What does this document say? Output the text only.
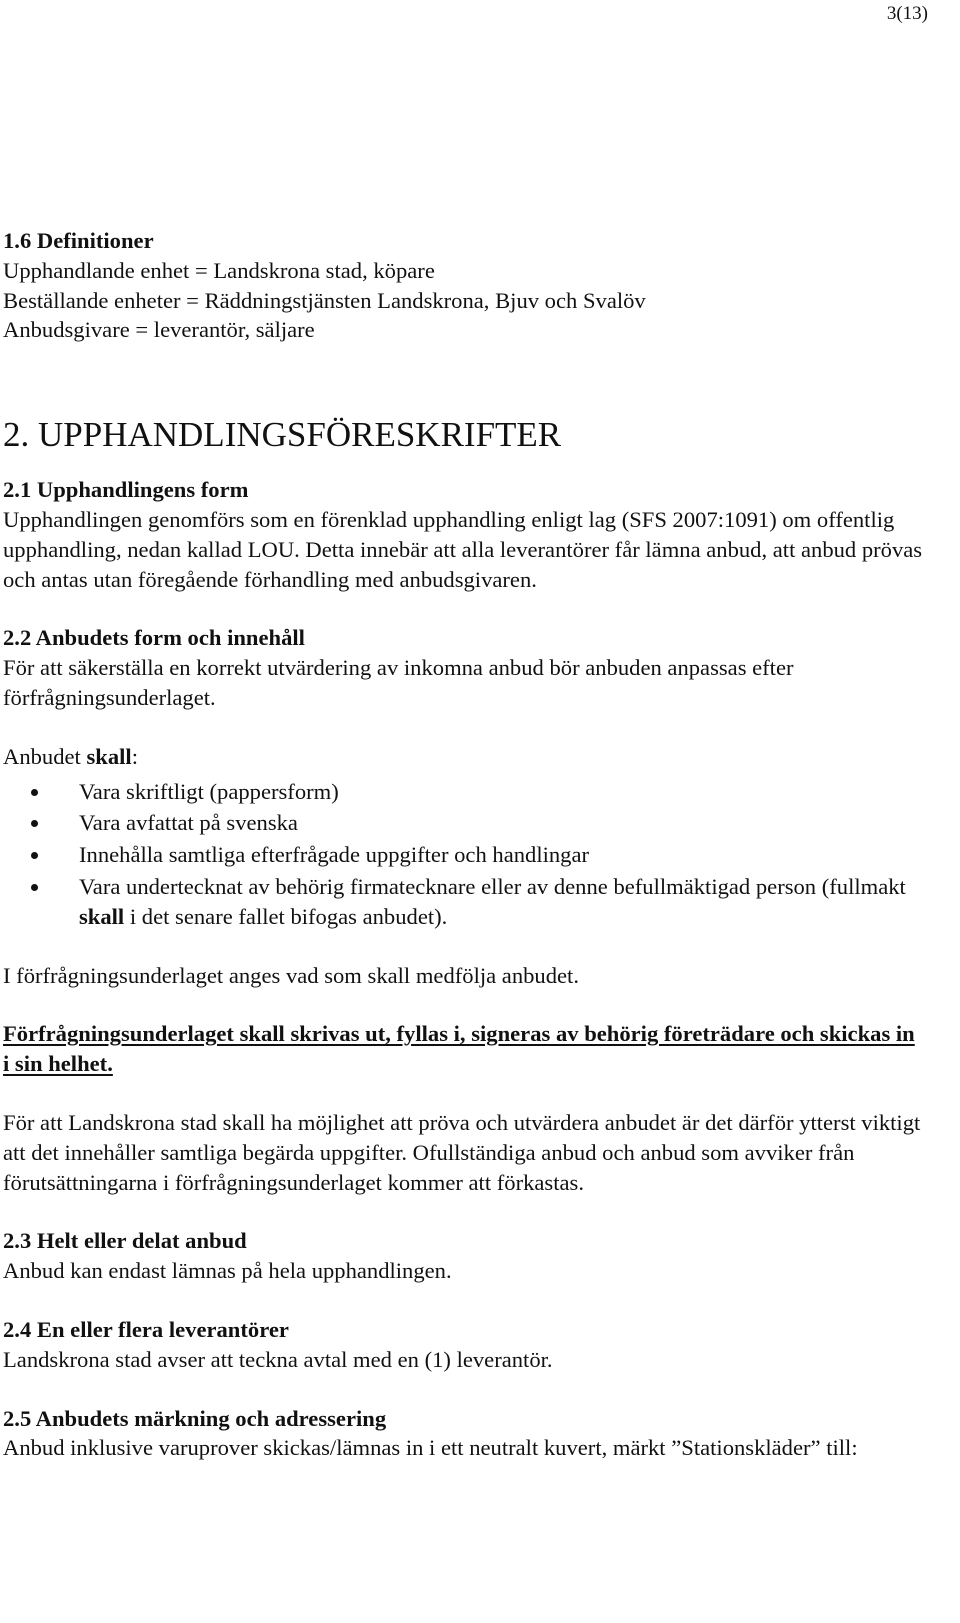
3(13)

1.6 Definitioner

Upphandlande enhet = Landskrona stad, köpare

Beställande enheter = Räddningstjänsten Landskrona, Bjuv och Svalöv

Anbudsgivare = leverantör, säljare

2. UPPHANDLINGSFÖRESKRIFTER

2.1 Upphandlingens form

Upphandlingen genomförs som en förenklad upphandling enligt lag (SFS 2007:1091) om offentlig upphandling, nedan kallad LOU. Detta innebär att alla leverantörer får lämna anbud, att anbud prövas och antas utan föregående förhandling med anbudsgivaren.

2.2 Anbudets form och innehåll

För att säkerställa en korrekt utvärdering av inkomna anbud bör anbuden anpassas efter förfrågningsunderlaget.

Anbudet skall:

Vara skriftligt (pappersform)
Vara avfattat på svenska
Innehålla samtliga efterfrågade uppgifter och handlingar
Vara undertecknat av behörig firmatecknare eller av denne befullmäktigad person (fullmakt skall i det senare fallet bifogas anbudet).

I förfrågningsunderlaget anges vad som skall medfölja anbudet.

Förfrågningsunderlaget skall skrivas ut, fyllas i, signeras av behörig företrädare och skickas in i sin helhet.

För att Landskrona stad skall ha möjlighet att pröva och utvärdera anbudet är det därför ytterst viktigt att det innehåller samtliga begärda uppgifter. Ofullständiga anbud och anbud som avviker från förutsättningarna i förfrågningsunderlaget kommer att förkastas.

2.3 Helt eller delat anbud

Anbud kan endast lämnas på hela upphandlingen.

2.4 En eller flera leverantörer

Landskrona stad avser att teckna avtal med en (1) leverantör.

2.5 Anbudets märkning och adressering

Anbud inklusive varuprover skickas/lämnas in i ett neutralt kuvert, märkt ”Stationskläder” till:
